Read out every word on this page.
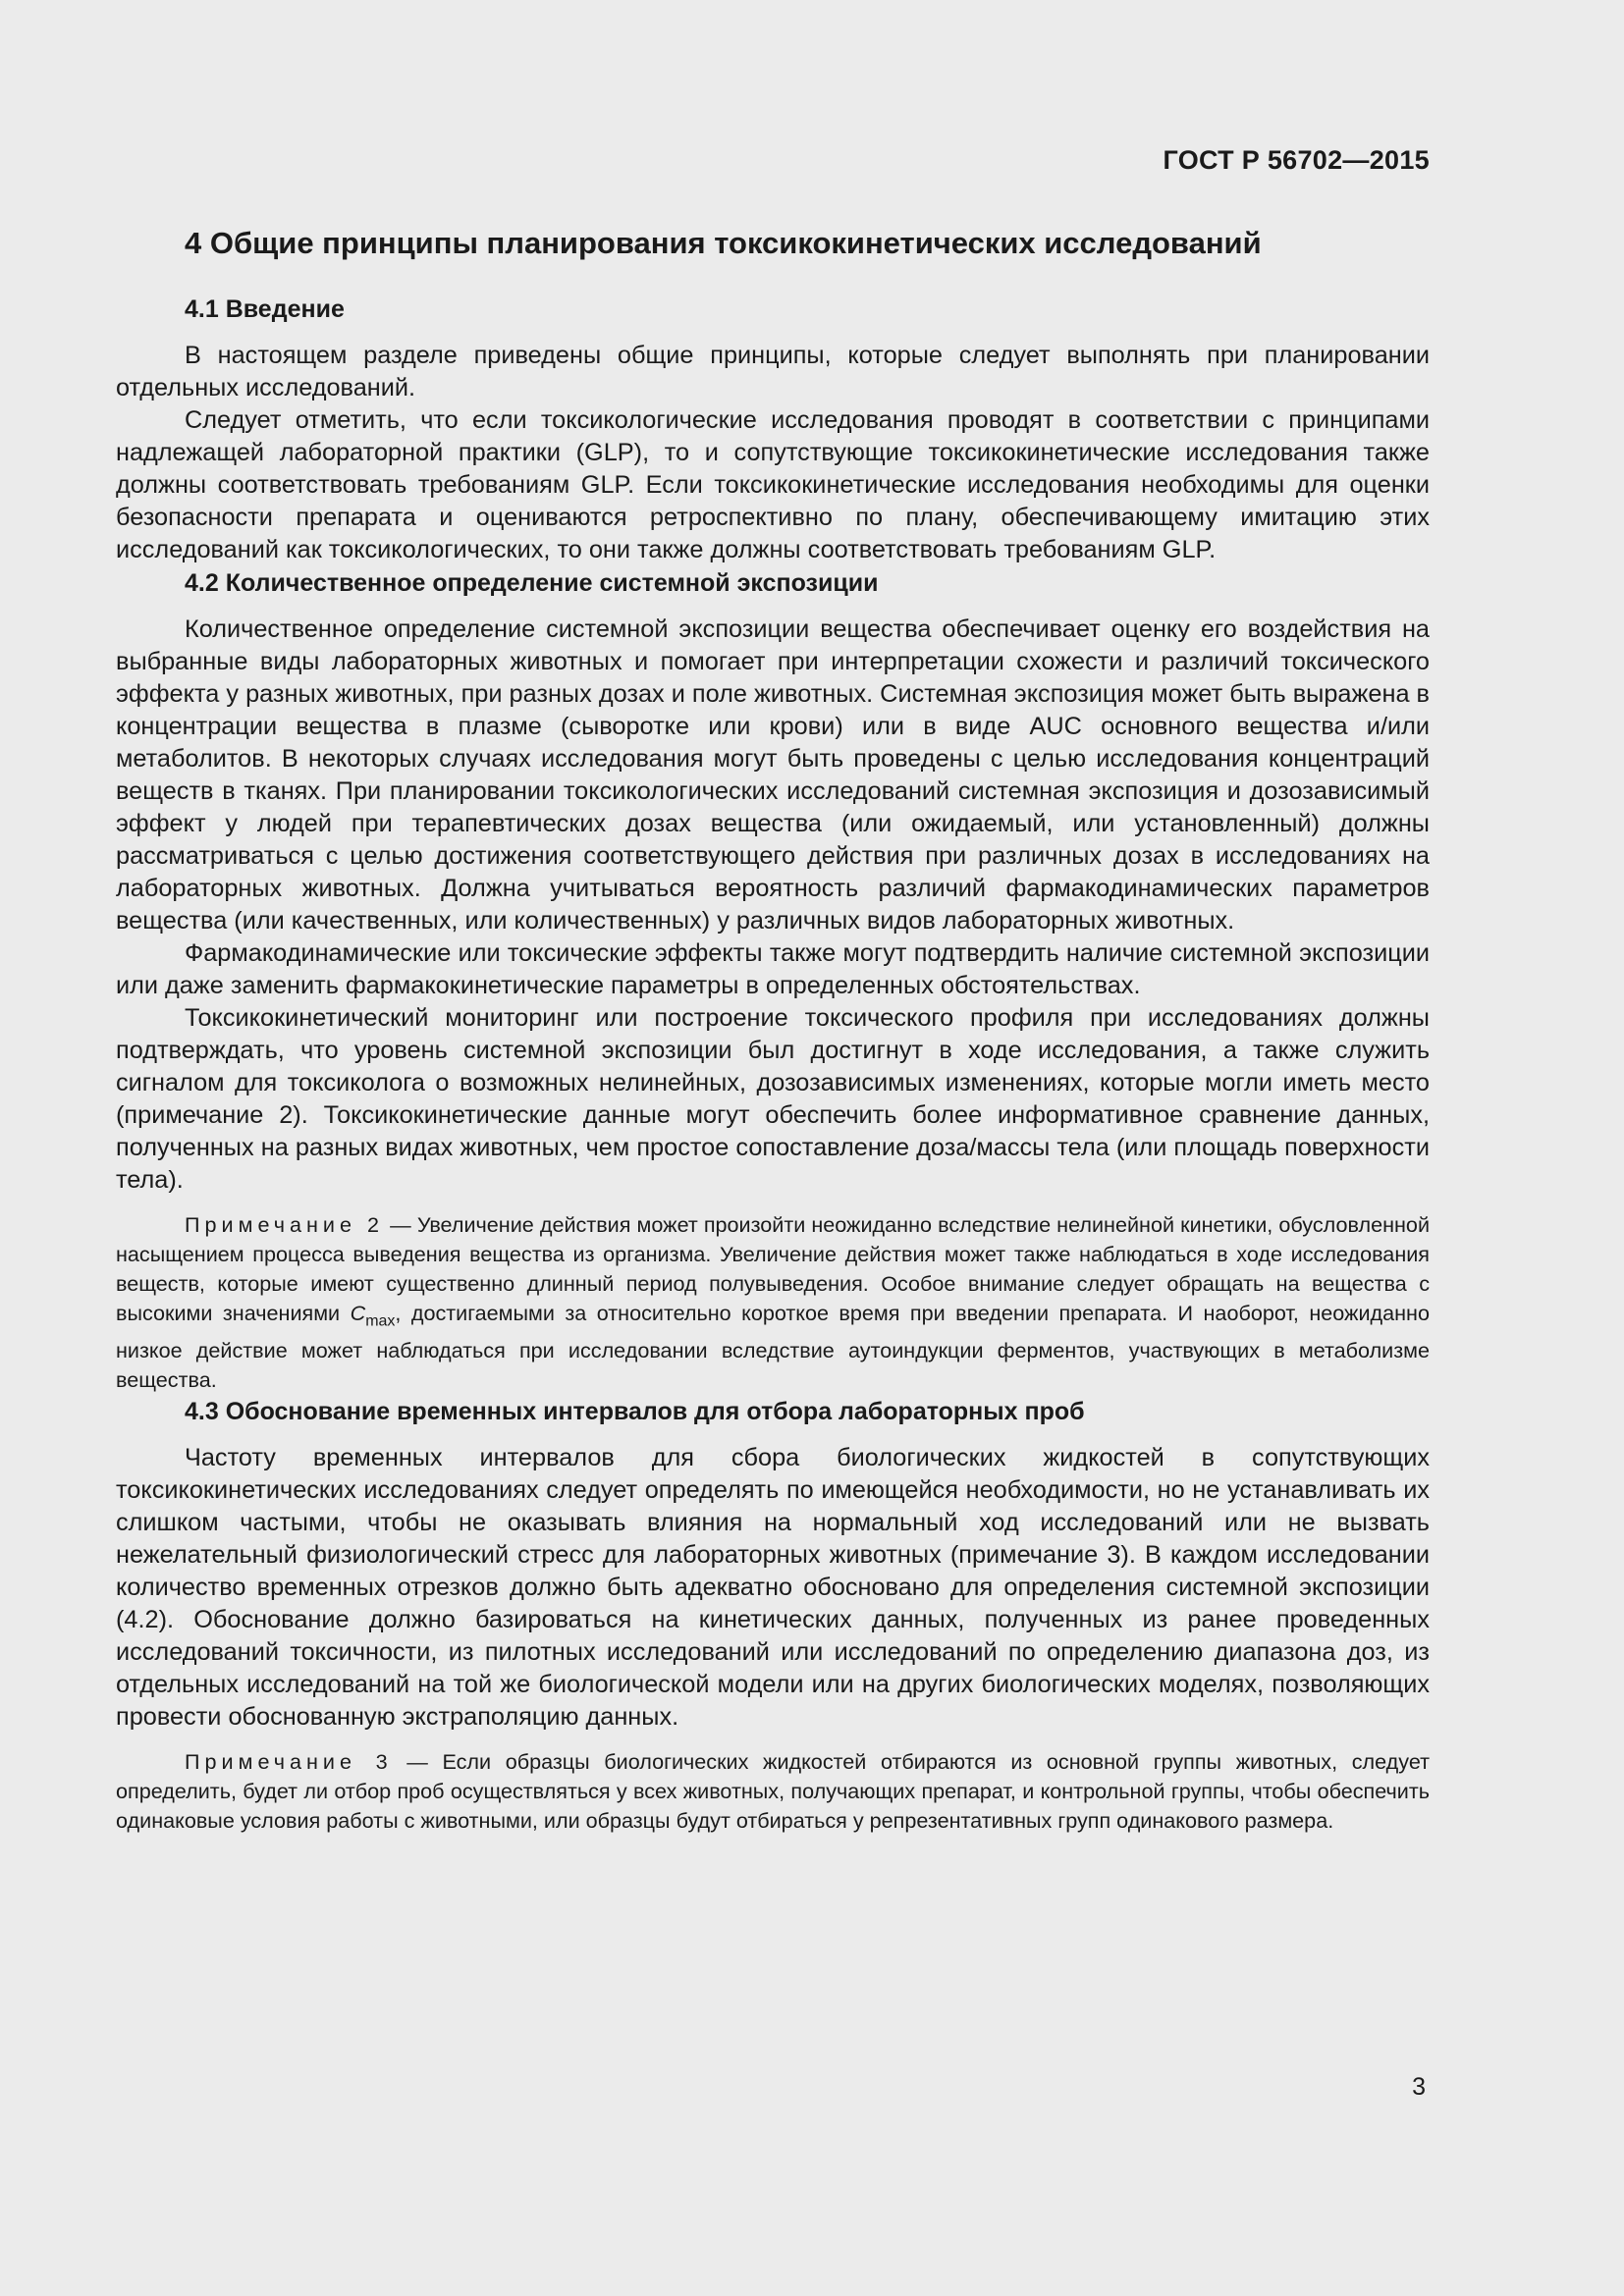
ГОСТ Р 56702—2015
4 Общие принципы планирования токсикокинетических исследований
4.1 Введение

В настоящем разделе приведены общие принципы, которые следует выполнять при планировании отдельных исследований.

Следует отметить, что если токсикологические исследования проводят в соответствии с принципами надлежащей лабораторной практики (GLP), то и сопутствующие токсикокинетические исследования также должны соответствовать требованиям GLP. Если токсикокинетические исследования необходимы для оценки безопасности препарата и оцениваются ретроспективно по плану, обеспечивающему имитацию этих исследований как токсикологических, то они также должны соответствовать требованиям GLP.

4.2 Количественное определение системной экспозиции

Количественное определение системной экспозиции вещества обеспечивает оценку его воздействия на выбранные виды лабораторных животных и помогает при интерпретации схожести и различий токсического эффекта у разных животных, при разных дозах и поле животных. Системная экспозиция может быть выражена в концентрации вещества в плазме (сыворотке или крови) или в виде AUC основного вещества и/или метаболитов. В некоторых случаях исследования могут быть проведены с целью исследования концентраций веществ в тканях. При планировании токсикологических исследований системная экспозиция и дозозависимый эффект у людей при терапевтических дозах вещества (или ожидаемый, или установленный) должны рассматриваться с целью достижения соответствующего действия при различных дозах в исследованиях на лабораторных животных. Должна учитываться вероятность различий фармакодинамических параметров вещества (или качественных, или количественных) у различных видов лабораторных животных.

Фармакодинамические или токсические эффекты также могут подтвердить наличие системной экспозиции или даже заменить фармакокинетические параметры в определенных обстоятельствах.

Токсикокинетический мониторинг или построение токсического профиля при исследованиях должны подтверждать, что уровень системной экспозиции был достигнут в ходе исследования, а также служить сигналом для токсиколога о возможных нелинейных, дозозависимых изменениях, которые могли иметь место (примечание 2). Токсикокинетические данные могут обеспечить более информативное сравнение данных, полученных на разных видах животных, чем простое сопоставление доза/массы тела (или площадь поверхности тела).

Примечание 2 — Увеличение действия может произойти неожиданно вследствие нелинейной кинетики, обусловленной насыщением процесса выведения вещества из организма. Увеличение действия может также наблюдаться в ходе исследования веществ, которые имеют существенно длинный период полувыведения. Особое внимание следует обращать на вещества с высокими значениями $C_{max}$, достигаемыми за относительно короткое время при введении препарата. И наоборот, неожиданно низкое действие может наблюдаться при исследовании вследствие аутоиндукции ферментов, участвующих в метаболизме вещества.

4.3 Обоснование временных интервалов для отбора лабораторных проб

Частоту временных интервалов для сбора биологических жидкостей в сопутствующих токсикокинетических исследованиях следует определять по имеющейся необходимости, но не устанавливать их слишком частыми, чтобы не оказывать влияния на нормальный ход исследований или не вызвать нежелательный физиологический стресс для лабораторных животных (примечание 3). В каждом исследовании количество временных отрезков должно быть адекватно обосновано для определения системной экспозиции (4.2). Обоснование должно базироваться на кинетических данных, полученных из ранее проведенных исследований токсичности, из пилотных исследований или исследований по определению диапазона доз, из отдельных исследований на той же биологической модели или на других биологических моделях, позволяющих провести обоснованную экстраполяцию данных.

Примечание 3 — Если образцы биологических жидкостей отбираются из основной группы животных, следует определить, будет ли отбор проб осуществляться у всех животных, получающих препарат, и контрольной группы, чтобы обеспечить одинаковые условия работы с животными, или образцы будут отбираться у репрезентативных групп одинакового размера.

3
